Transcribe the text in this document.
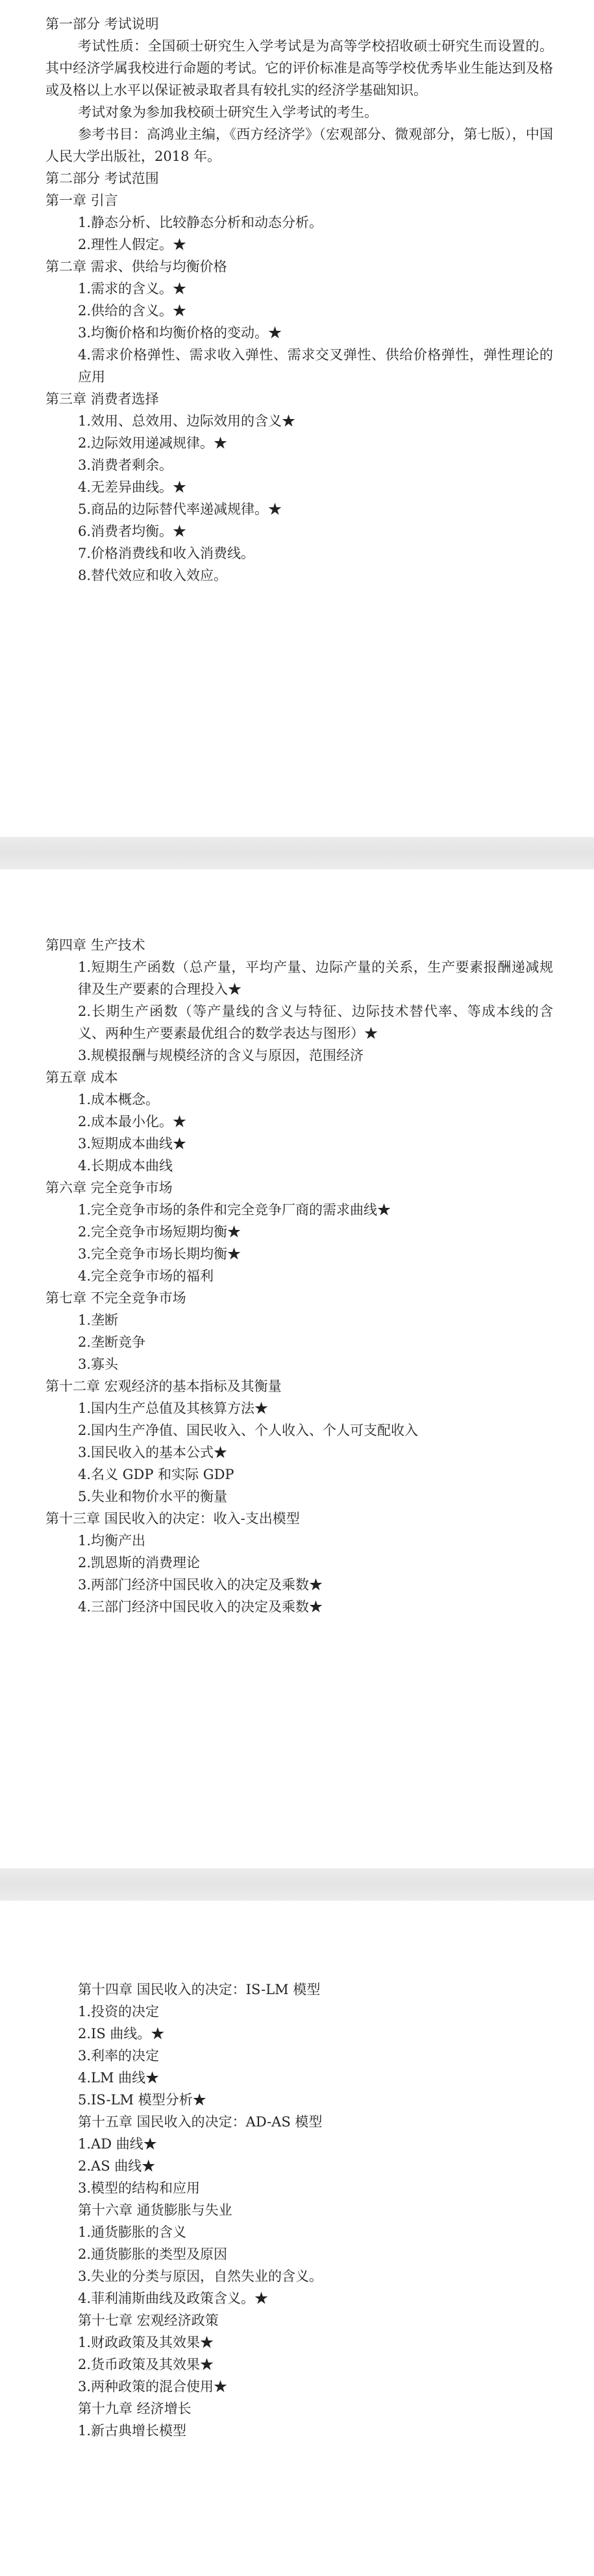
第一部分 考试说明
考试性质：全国硕士研究生入学考试是为高等学校招收硕士研究生而设置的。其中经济学属我校进行命题的考试。它的评价标准是高等学校优秀毕业生能达到及格或及格以上水平以保证被录取者具有较扎实的经济学基础知识。
考试对象为参加我校硕士研究生入学考试的考生。
参考书目：高鸿业主编，《西方经济学》（宏观部分、微观部分，第七版），中国人民大学出版社，2018 年。
第二部分 考试范围
第一章 引言
1.静态分析、比较静态分析和动态分析。
2.理性人假定。★
第二章 需求、供给与均衡价格
1.需求的含义。★
2.供给的含义。★
3.均衡价格和均衡价格的变动。★
4.需求价格弹性、需求收入弹性、需求交叉弹性、供给价格弹性，弹性理论的应用
第三章 消费者选择
1.效用、总效用、边际效用的含义★
2.边际效用递减规律。★
3.消费者剩余。
4.无差异曲线。★
5.商品的边际替代率递减规律。★
6.消费者均衡。★
7.价格消费线和收入消费线。
8.替代效应和收入效应。
第四章 生产技术
1.短期生产函数（总产量，平均产量、边际产量的关系，生产要素报酬递减规律及生产要素的合理投入★
2.长期生产函数（等产量线的含义与特征、边际技术替代率、等成本线的含义、两种生产要素最优组合的数学表达与图形）★
3.规模报酬与规模经济的含义与原因，范围经济
第五章 成本
1.成本概念。
2.成本最小化。★
3.短期成本曲线★
4.长期成本曲线
第六章 完全竞争市场
1.完全竞争市场的条件和完全竞争厂商的需求曲线★
2.完全竞争市场短期均衡★
3.完全竞争市场长期均衡★
4.完全竞争市场的福利
第七章 不完全竞争市场
1.垄断
2.垄断竞争
3.寡头
第十二章 宏观经济的基本指标及其衡量
1.国内生产总值及其核算方法★
2.国内生产净值、国民收入、个人收入、个人可支配收入
3.国民收入的基本公式★
4.名义 GDP 和实际 GDP
5.失业和物价水平的衡量
第十三章 国民收入的决定：收入-支出模型
1.均衡产出
2.凯恩斯的消费理论
3.两部门经济中国民收入的决定及乘数★
4.三部门经济中国民收入的决定及乘数★
第十四章 国民收入的决定：IS-LM 模型
1.投资的决定
2.IS 曲线。★
3.利率的决定
4.LM 曲线★
5.IS-LM 模型分析★
第十五章 国民收入的决定：AD-AS 模型
1.AD 曲线★
2.AS 曲线★
3.模型的结构和应用
第十六章 通货膨胀与失业
1.通货膨胀的含义
2.通货膨胀的类型及原因
3.失业的分类与原因，自然失业的含义。
4.菲利浦斯曲线及政策含义。★
第十七章 宏观经济政策
1.财政政策及其效果★
2.货币政策及其效果★
3.两种政策的混合使用★
第十九章 经济增长
1.新古典增长模型
